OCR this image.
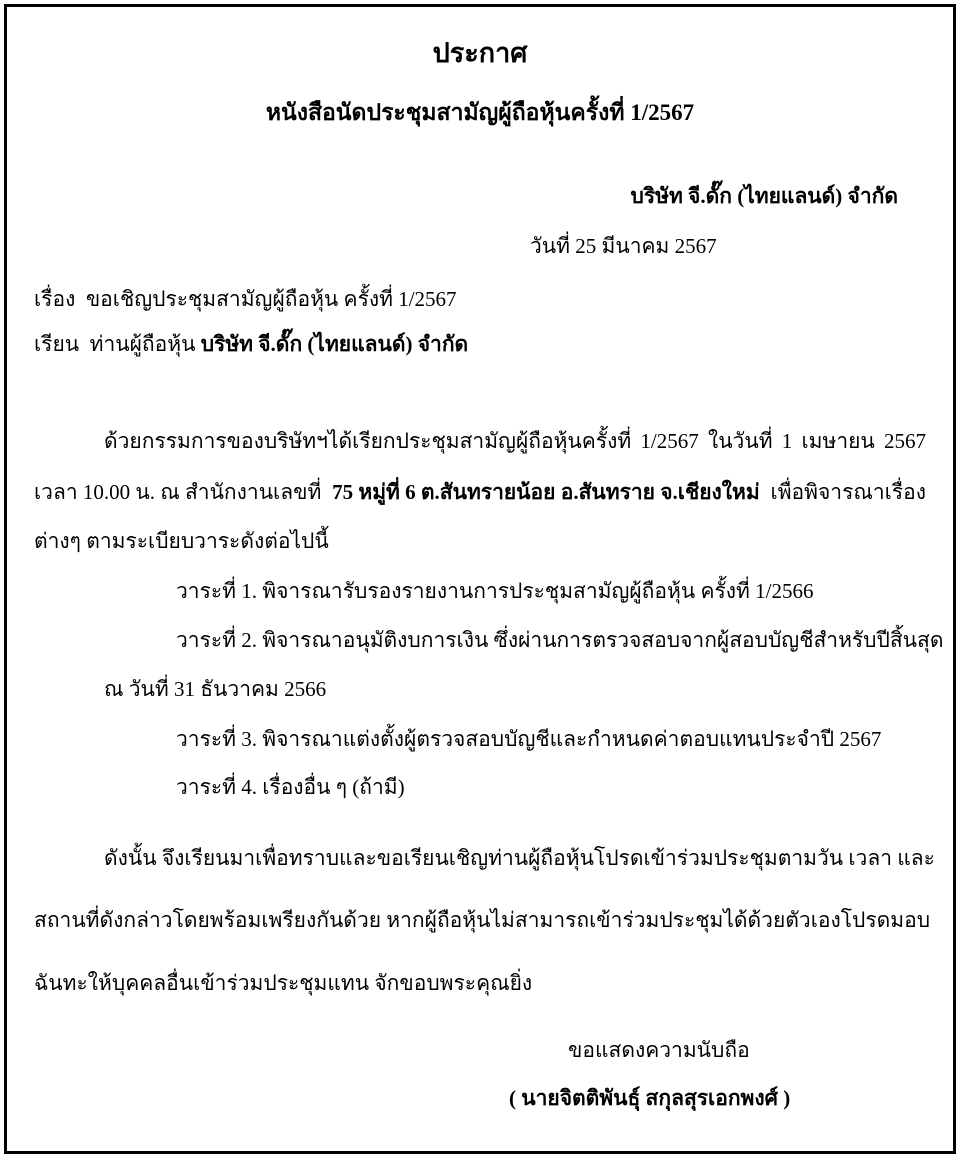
ประกาศ
หนังสือนัดประชุมสามัญผู้ถือหุ้นครั้งที่ 1/2567
บริษัท จี.ดั๊ก (ไทยแลนด์) จำกัด
วันที่ 25 มีนาคม 2567
เรื่อง ขอเชิญประชุมสามัญผู้ถือหุ้น ครั้งที่ 1/2567
เรียน ท่านผู้ถือหุ้น บริษัท จี.ดั๊ก (ไทยแลนด์) จำกัด
ด้วยกรรมการของบริษัทฯได้เรียกประชุมสามัญผู้ถือหุ้นครั้งที่ 1/2567 ในวันที่ 1 เมษายน 2567
เวลา 10.00 น. ณ สำนักงานเลขที่ 75 หมู่ที่ 6 ต.สันทรายน้อย อ.สันทราย จ.เชียงใหม่ เพื่อพิจารณาเรื่อง
ต่างๆ ตามระเบียบวาระดังต่อไปนี้
วาระที่ 1. พิจารณารับรองรายงานการประชุมสามัญผู้ถือหุ้น ครั้งที่ 1/2566
วาระที่ 2. พิจารณาอนุมัติงบการเงิน ซึ่งผ่านการตรวจสอบจากผู้สอบบัญชีสำหรับปีสิ้นสุด
ณ วันที่ 31 ธันวาคม 2566
วาระที่ 3. พิจารณาแต่งตั้งผู้ตรวจสอบบัญชีและกำหนดค่าตอบแทนประจำปี 2567
วาระที่ 4. เรื่องอื่น ๆ (ถ้ามี)
ดังนั้น จึงเรียนมาเพื่อทราบและขอเรียนเชิญท่านผู้ถือหุ้นโปรดเข้าร่วมประชุมตามวัน เวลา และ
สถานที่ดังกล่าวโดยพร้อมเพรียงกันด้วย หากผู้ถือหุ้นไม่สามารถเข้าร่วมประชุมได้ด้วยตัวเองโปรดมอบ
ฉันทะให้บุคคลอื่นเข้าร่วมประชุมแทน จักขอบพระคุณยิ่ง
ขอแสดงความนับถือ
( นายจิตติพันธุ์ สกุลสุรเอกพงศ์ )
